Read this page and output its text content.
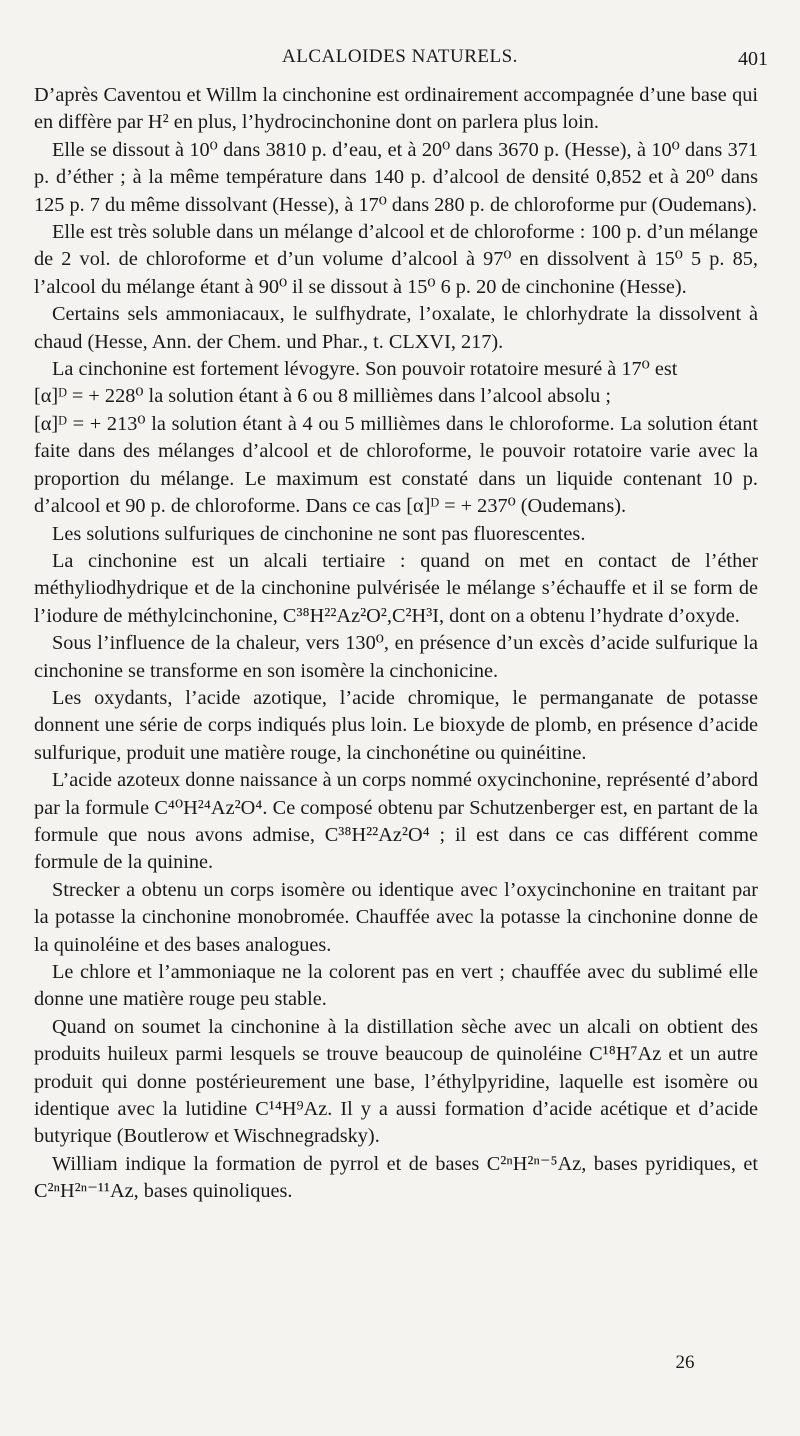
ALCALOIDES NATURELS.	401

D’après Caventou et Willm la cinchonine est ordinairement accompagnée d’une base qui en diffère par H² en plus, l’hydrocinchonine dont on parlera plus loin.

Elle se dissout à 10⁰ dans 3810 p. d’eau, et à 20⁰ dans 3670 p. (Hesse), à 10⁰ dans 371 p. d’éther ; à la même température dans 140 p. d’alcool de densité 0,852 et à 20⁰ dans 125 p. 7 du même dissolvant (Hesse), à 17⁰ dans 280 p. de chloroforme pur (Oudemans).

Elle est très soluble dans un mélange d’alcool et de chloroforme : 100 p. d’un mélange de 2 vol. de chloroforme et d’un volume d’alcool à 97⁰ en dissolvent à 15⁰ 5 p. 85, l’alcool du mélange étant à 90⁰ il se dissout à 15⁰ 6 p. 20 de cinchonine (Hesse).

Certains sels ammoniacaux, le sulfhydrate, l’oxalate, le chlorhydrate la dissolvent à chaud (Hesse, Ann. der Chem. und Phar., t. CLXVI, 217).

La cinchonine est fortement lévogyre. Son pouvoir rotatoire mesuré à 17⁰ est

[α]ᴰ = + 228⁰ la solution étant à 6 ou 8 millièmes dans l’alcool absolu ;

[α]ᴰ = + 213⁰ la solution étant à 4 ou 5 millièmes dans le chloroforme. La solution étant faite dans des mélanges d’alcool et de chloroforme, le pouvoir rotatoire varie avec la proportion du mélange. Le maximum est constaté dans un liquide contenant 10 p. d’alcool et 90 p. de chloroforme. Dans ce cas [α]ᴰ = + 237⁰ (Oudemans).

Les solutions sulfuriques de cinchonine ne sont pas fluorescentes.

La cinchonine est un alcali tertiaire : quand on met en contact de l’éther méthyliodhydrique et de la cinchonine pulvérisée le mélange s’échauffe et il se form de l’iodure de méthylcinchonine, C³⁸H²²Az²O²,C²H³I, dont on a obtenu l’hydrate d’oxyde.

Sous l’influence de la chaleur, vers 130⁰, en présence d’un excès d’acide sulfurique la cinchonine se transforme en son isomère la cinchonicine.

Les oxydants, l’acide azotique, l’acide chromique, le permanganate de potasse donnent une série de corps indiqués plus loin. Le bioxyde de plomb, en présence d’acide sulfurique, produit une matière rouge, la cinchonétine ou quinéitine.

L’acide azoteux donne naissance à un corps nommé oxycinchonine, représenté d’abord par la formule C⁴⁰H²⁴Az²O⁴. Ce composé obtenu par Schutzenberger est, en partant de la formule que nous avons admise, C³⁸H²²Az²O⁴ ; il est dans ce cas différent comme formule de la quinine.

Strecker a obtenu un corps isomère ou identique avec l’oxycinchonine en traitant par la potasse la cinchonine monobromée. Chauffée avec la potasse la cinchonine donne de la quinoléine et des bases analogues.

Le chlore et l’ammoniaque ne la colorent pas en vert ; chauffée avec du sublimé elle donne une matière rouge peu stable.

Quand on soumet la cinchonine à la distillation sèche avec un alcali on obtient des produits huileux parmi lesquels se trouve beaucoup de quinoléine C¹⁸H⁷Az et un autre produit qui donne postérieurement une base, l’éthylpyridine, laquelle est isomère ou identique avec la lutidine C¹⁴H⁹Az. Il y a aussi formation d’acide acétique et d’acide butyrique (Boutlerow et Wischnegradsky).

William indique la formation de pyrrol et de bases C²ⁿH²ⁿ⁻⁵Az, bases pyridiques, et C²ⁿH²ⁿ⁻¹¹Az, bases quinoliques.

26
